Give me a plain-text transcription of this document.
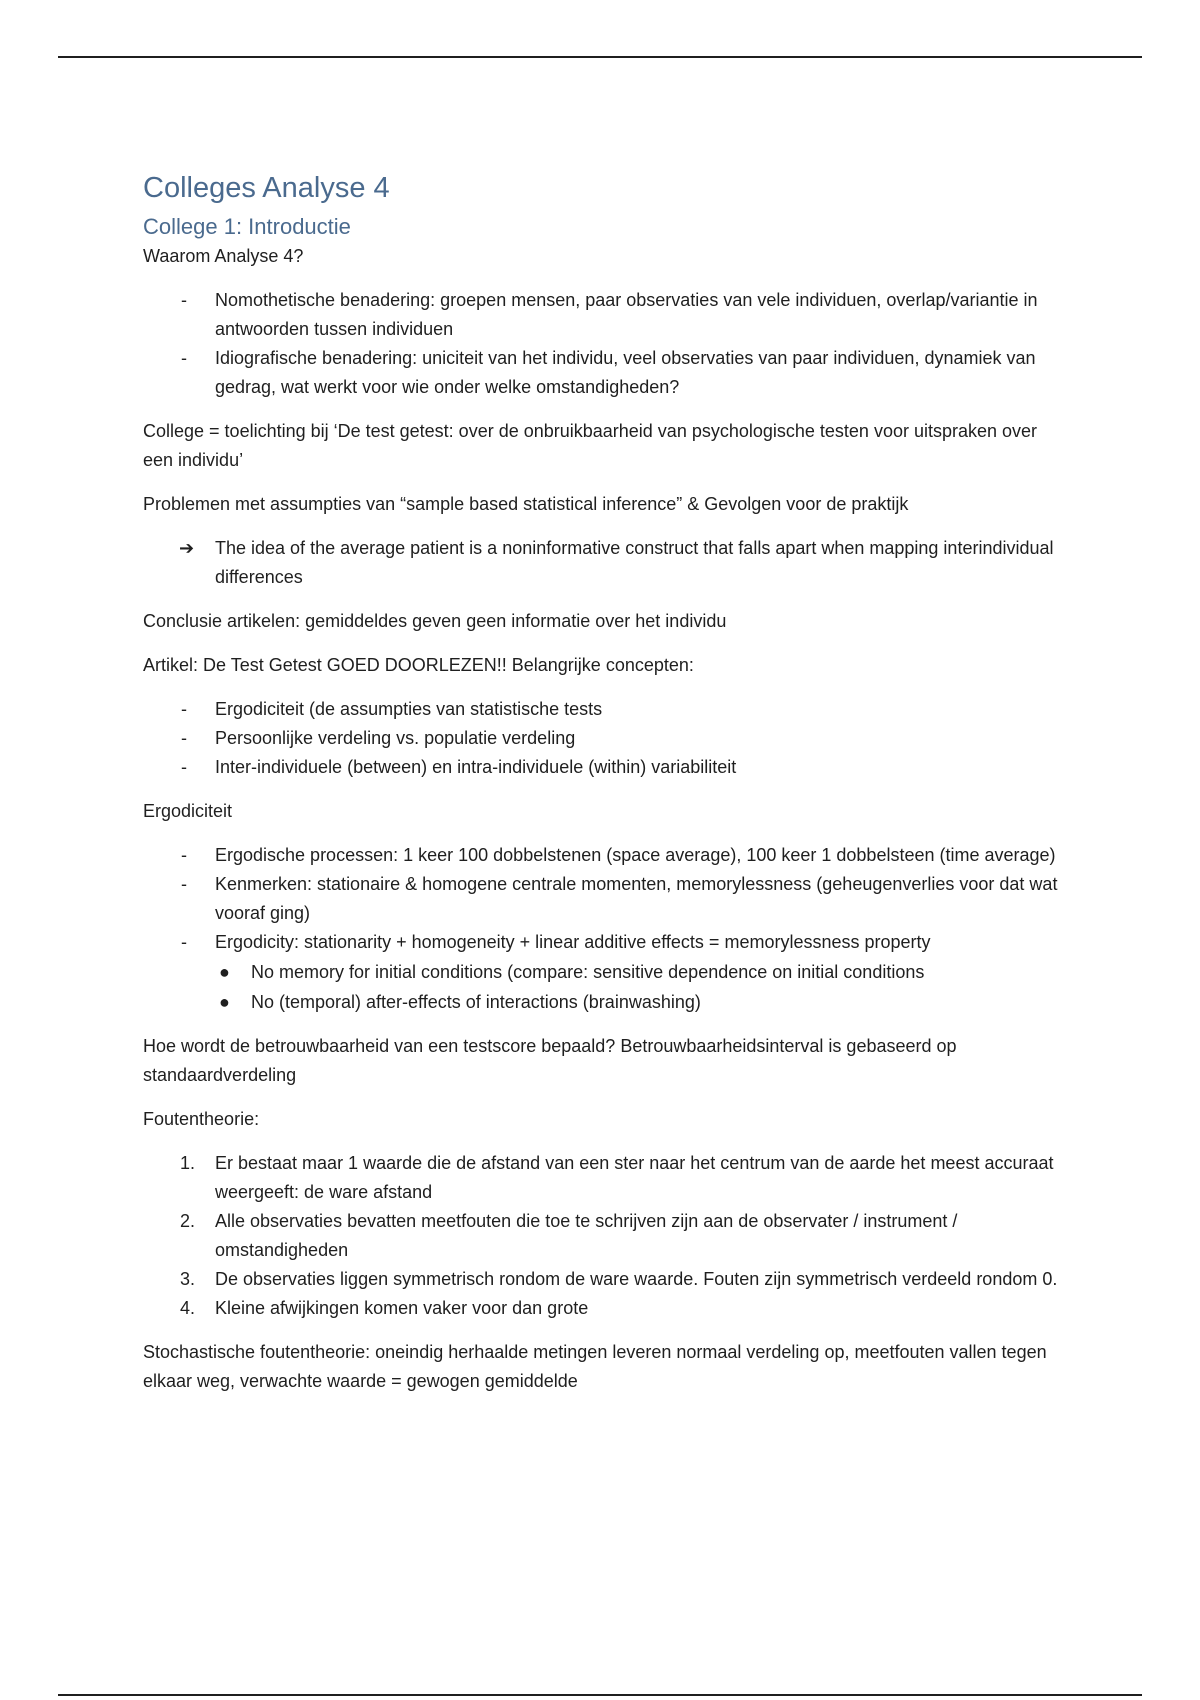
Colleges Analyse 4
College 1: Introductie

Waarom Analyse 4?

- Nomothetische benadering: groepen mensen, paar observaties van vele individuen, overlap/variantie in antwoorden tussen individuen
- Idiografische benadering: uniciteit van het individu, veel observaties van paar individuen, dynamiek van gedrag, wat werkt voor wie onder welke omstandigheden?

College = toelichting bij ‘De test getest: over de onbruikbaarheid van psychologische testen voor uitspraken over een individu’

Problemen met assumpties van “sample based statistical inference” & Gevolgen voor de praktijk

➔ The idea of the average patient is a noninformative construct that falls apart when mapping interindividual differences

Conclusie artikelen: gemiddeldes geven geen informatie over het individu

Artikel: De Test Getest GOED DOORLEZEN!! Belangrijke concepten:

- Ergodiciteit (de assumpties van statistische tests
- Persoonlijke verdeling vs. populatie verdeling
- Inter-individuele (between) en intra-individuele (within) variabiliteit

Ergodiciteit

- Ergodische processen: 1 keer 100 dobbelstenen (space average), 100 keer 1 dobbelsteen (time average)
- Kenmerken: stationaire & homogene centrale momenten, memorylessness (geheugenverlies voor dat wat vooraf ging)
- Ergodicity: stationarity + homogeneity + linear additive effects = memorylessness property
● No memory for initial conditions (compare: sensitive dependence on initial conditions
● No (temporal) after-effects of interactions (brainwashing)

Hoe wordt de betrouwbaarheid van een testscore bepaald? Betrouwbaarheidsinterval is gebaseerd op standaardverdeling

Foutentheorie:

1. Er bestaat maar 1 waarde die de afstand van een ster naar het centrum van de aarde het meest accuraat weergeeft: de ware afstand
2. Alle observaties bevatten meetfouten die toe te schrijven zijn aan de observater / instrument / omstandigheden
3. De observaties liggen symmetrisch rondom de ware waarde. Fouten zijn symmetrisch verdeeld rondom 0.
4. Kleine afwijkingen komen vaker voor dan grote

Stochastische foutentheorie: oneindig herhaalde metingen leveren normaal verdeling op, meetfouten vallen tegen elkaar weg, verwachte waarde = gewogen gemiddelde
